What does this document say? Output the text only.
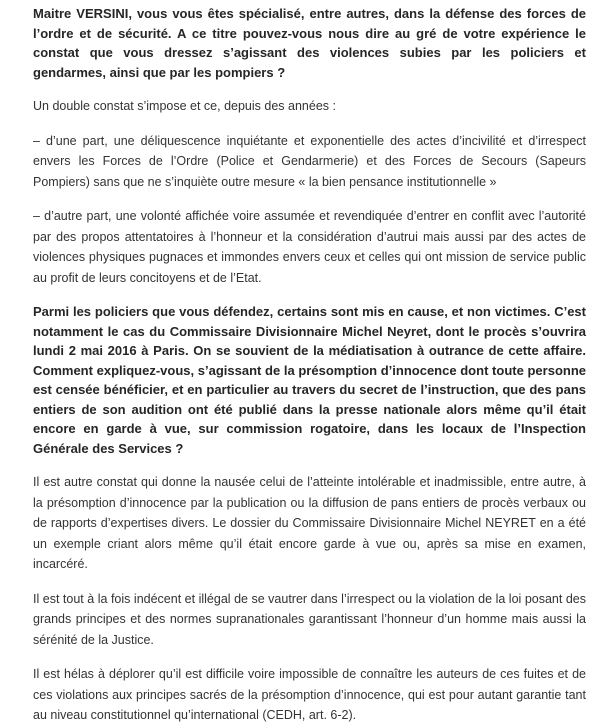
Maitre VERSINI, vous vous êtes spécialisé, entre autres, dans la défense des forces de l’ordre et de sécurité. A ce titre pouvez-vous nous dire au gré de votre expérience le constat que vous dressez s’agissant des violences subies par les policiers et gendarmes, ainsi que par les pompiers ?

Un double constat s’impose et ce, depuis des années :

– d’une part, une déliquescence inquiétante et exponentielle des actes d’incivilité et d’irrespect envers les Forces de l’Ordre (Police et Gendarmerie) et des Forces de Secours (Sapeurs Pompiers) sans que ne s’inquiète outre mesure « la bien pensance institutionnelle »

– d’autre part, une volonté affichée voire assumée et revendiquée d’entrer en conflit avec l’autorité par des propos attentatoires à l’honneur et la considération d’autrui mais aussi par des actes de violences physiques pugnaces et immondes envers ceux et celles qui ont mission de service public au profit de leurs concitoyens et de l’Etat.

Parmi les policiers que vous défendez, certains sont mis en cause, et non victimes. C’est notamment le cas du Commissaire Divisionnaire Michel Neyret, dont le procès s’ouvrira lundi 2 mai 2016 à Paris. On se souvient de la médiatisation à outrance de cette affaire. Comment expliquez-vous, s’agissant de la présomption d’innocence dont toute personne est censée bénéficier, et en particulier au travers du secret de l’instruction, que des pans entiers de son audition ont été publié dans la presse nationale alors même qu’il était encore en garde à vue, sur commission rogatoire, dans les locaux de l’Inspection Générale des Services ?

Il est autre constat qui donne la nausée celui de l’atteinte intolérable et inadmissible, entre autre, à la présomption d’innocence par la publication ou la diffusion de pans entiers de procès verbaux ou de rapports d’expertises divers. Le dossier du Commissaire Divisionnaire Michel NEYRET en a été un exemple criant alors même qu’il était encore garde à vue ou, après sa mise en examen, incarcéré.

Il est tout à la fois indécent et illégal de se vautrer dans l’irrespect ou la violation de la loi posant des grands principes et des normes supranationales garantissant l’honneur d’un homme mais aussi la sérénité de la Justice.

Il est hélas à déplorer qu’il est difficile voire impossible de connaître les auteurs de ces fuites et de ces violations aux principes sacrés de la présomption d’innocence, qui est pour autant garantie tant au niveau constitutionnel qu’international (CEDH, art. 6-2).
